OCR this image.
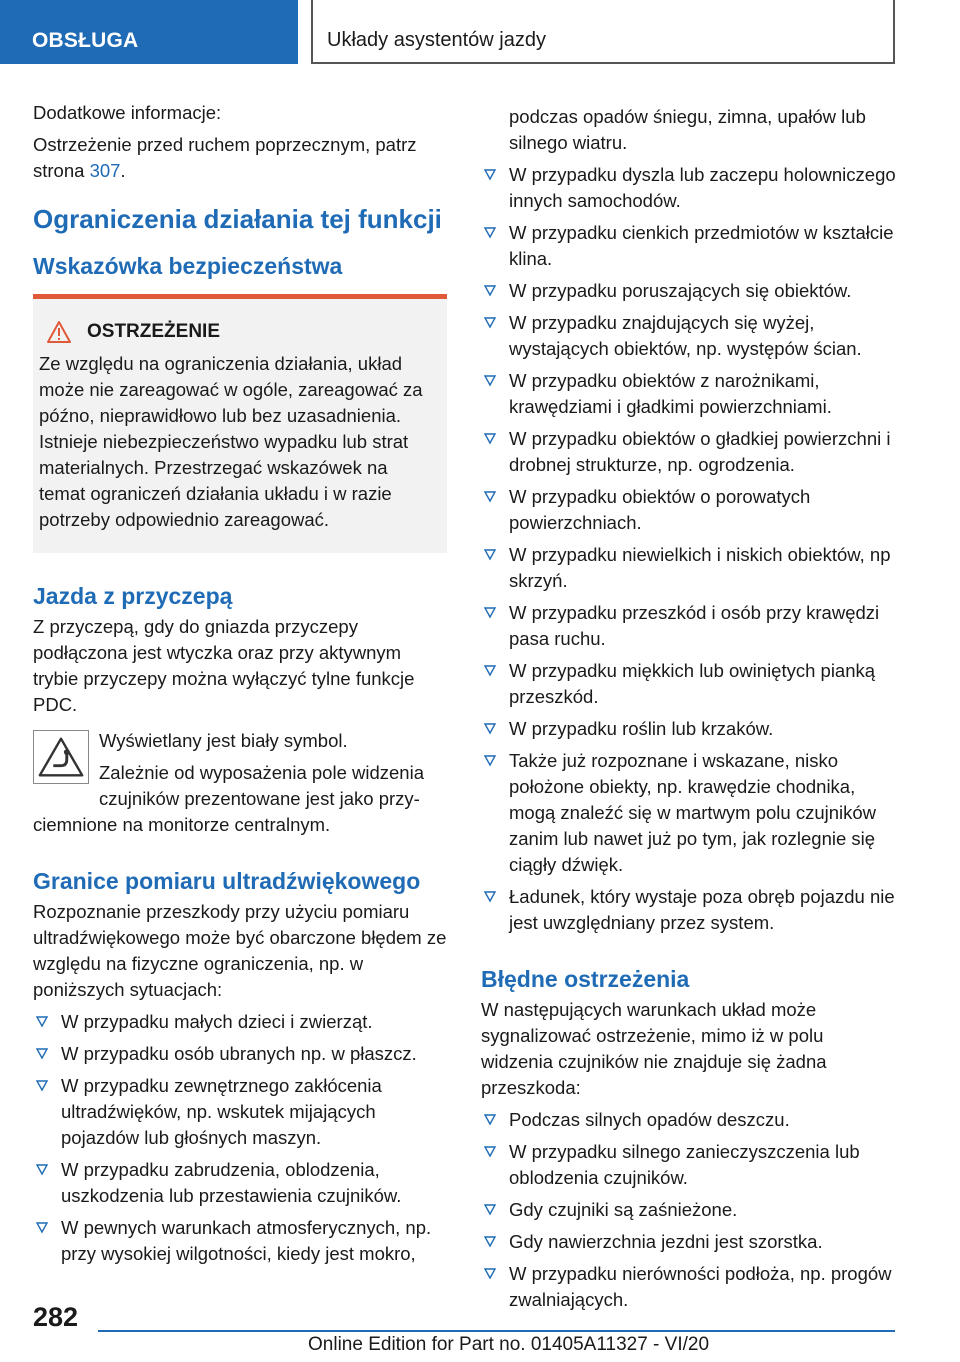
OBSŁUGA	Układy asystentów jazdy

Dodatkowe informacje:

Ostrzeżenie przed ruchem poprzecznym, patrz strona 307.

Ograniczenia działania tej funkcji
Wskazówka bezpieczeństwa
OSTRZEŻENIE

Ze względu na ograniczenia działania, układ może nie zareagować w ogóle, zareagować za późno, nieprawidłowo lub bez uzasadnienia. Istnieje niebezpieczeństwo wypadku lub strat materialnych. Przestrzegać wskazówek na temat ograniczeń działania układu i w razie potrzeby odpowiednio zareagować.

Jazda z przyczepą

Z przyczepą, gdy do gniazda przyczepy podłączona jest wtyczka oraz przy aktywnym trybie przyczepy można wyłączyć tylne funkcje PDC.

Wyświetlany jest biały symbol.

Zależnie od wyposażenia pole widzenia czujników prezentowane jest jako przy-

ciemnione na monitorze centralnym.

Granice pomiaru ultradźwiękowego

Rozpoznanie przeszkody przy użyciu pomiaru ultradźwiękowego może być obarczone błędem ze względu na fizyczne ograniczenia, np. w poniższych sytuacjach:

W przypadku małych dzieci i zwierząt.
W przypadku osób ubranych np. w płaszcz.
W przypadku zewnętrznego zakłócenia ultradźwięków, np. wskutek mijających pojazdów lub głośnych maszyn.
W przypadku zabrudzenia, oblodzenia, uszkodzenia lub przestawienia czujników.
W pewnych warunkach atmosferycznych, np. przy wysokiej wilgotności, kiedy jest mokro,

podczas opadów śniegu, zimna, upałów lub silnego wiatru.

W przypadku dyszla lub zaczepu holowniczego innych samochodów.
W przypadku cienkich przedmiotów w kształcie klina.
W przypadku poruszających się obiektów.
W przypadku znajdujących się wyżej, wystających obiektów, np. występów ścian.
W przypadku obiektów z narożnikami, krawędziami i gładkimi powierzchniami.
W przypadku obiektów o gładkiej powierzchni i drobnej strukturze, np. ogrodzenia.
W przypadku obiektów o porowatych powierzchniach.
W przypadku niewielkich i niskich obiektów, np skrzyń.
W przypadku przeszkód i osób przy krawędzi pasa ruchu.
W przypadku miękkich lub owiniętych pianką przeszkód.
W przypadku roślin lub krzaków.
Także już rozpoznane i wskazane, nisko położone obiekty, np. krawędzie chodnika, mogą znaleźć się w martwym polu czujników zanim lub nawet już po tym, jak rozlegnie się ciągły dźwięk.
Ładunek, który wystaje poza obręb pojazdu nie jest uwzględniany przez system.
Błędne ostrzeżenia

W następujących warunkach układ może sygnalizować ostrzeżenie, mimo iż w polu widzenia czujników nie znajduje się żadna przeszkoda:

Podczas silnych opadów deszczu.
W przypadku silnego zanieczyszczenia lub oblodzenia czujników.
Gdy czujniki są zaśnieżone.
Gdy nawierzchnia jezdni jest szorstka.
W przypadku nierówności podłoża, np. progów zwalniających.
282
Online Edition for Part no. 01405A11327 - VI/20
